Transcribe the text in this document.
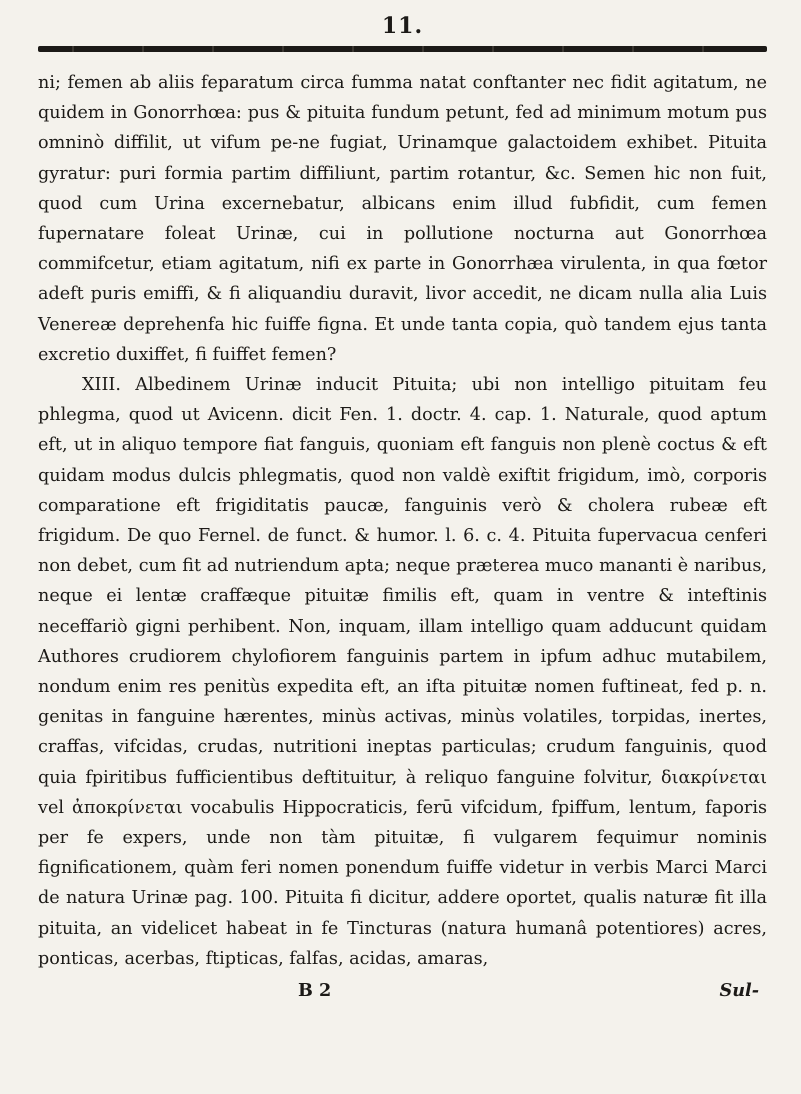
11.

ni; femen ab aliis feparatum circa fumma natat conftanter nec fidit agitatum, ne quidem in Gonorrhœa: pus & pituita fundum petunt, fed ad minimum motum pus omninò diffilit, ut vifum pe-ne fugiat, Urinamque galactoidem exhibet. Pituita gyratur: puri formia partim diffiliunt, partim rotantur, &c. Semen hic non fuit, quod cum Urina excernebatur, albicans enim illud fubfidit, cum femen fupernatare foleat Urinæ, cui in pollutione nocturna aut Gonorrhœa commifcetur, etiam agitatum, nifi ex parte in Gonorrhæa virulenta, in qua fœtor adeft puris emiffi, & fi aliquandiu duravit, livor accedit, ne dicam nulla alia Luis Venereæ deprehenfa hic fuiffe figna. Et unde tanta copia, quò tandem ejus tanta excretio duxiffet, fi fuiffet femen?

XIII. Albedinem Urinæ inducit Pituita; ubi non intelligo pituitam feu phlegma, quod ut Avicenn. dicit Fen. 1. doctr. 4. cap. 1. Naturale, quod aptum eft, ut in aliquo tempore fiat fanguis, quoniam eft fanguis non plenè coctus & eft quidam modus dulcis phlegmatis, quod non valdè exiftit frigidum, imò, corporis comparatione eft frigiditatis paucæ, fanguinis verò & cholera rubeæ eft frigidum. De quo Fernel. de funct. & humor. l. 6. c. 4. Pituita fupervacua cenferi non debet, cum fit ad nutriendum apta; neque præterea muco mananti è naribus, neque ei lentæ craffæque pituitæ fimilis eft, quam in ventre & inteftinis neceffariò gigni perhibent. Non, inquam, illam intelligo quam adducunt quidam Authores crudiorem chylofiorem fanguinis partem in ipfum adhuc mutabilem, nondum enim res penitùs expedita eft, an ifta pituitæ nomen fuftineat, fed p. n. genitas in fanguine hærentes, minùs activas, minùs volatiles, torpidas, inertes, craffas, vifcidas, crudas, nutritioni ineptas particulas; crudum fanguinis, quod quia fpiritibus fufficientibus deftituitur, à reliquo fanguine folvitur, διακρίνεται vel ἀποκρίνεται vocabulis Hippocraticis, ferū vifcidum, fpiffum, lentum, faporis per fe expers, unde non tàm pituitæ, fi vulgarem fequimur nominis fignificationem, quàm feri nomen ponendum fuiffe videtur in verbis Marci Marci de natura Urinæ pag. 100. Pituita fi dicitur, addere oportet, qualis naturæ fit illa pituita, an videlicet habeat in fe Tincturas (natura humanâ potentiores) acres, ponticas, acerbas, ftipticas, falfas, acidas, amaras,

B 2	Sul-
